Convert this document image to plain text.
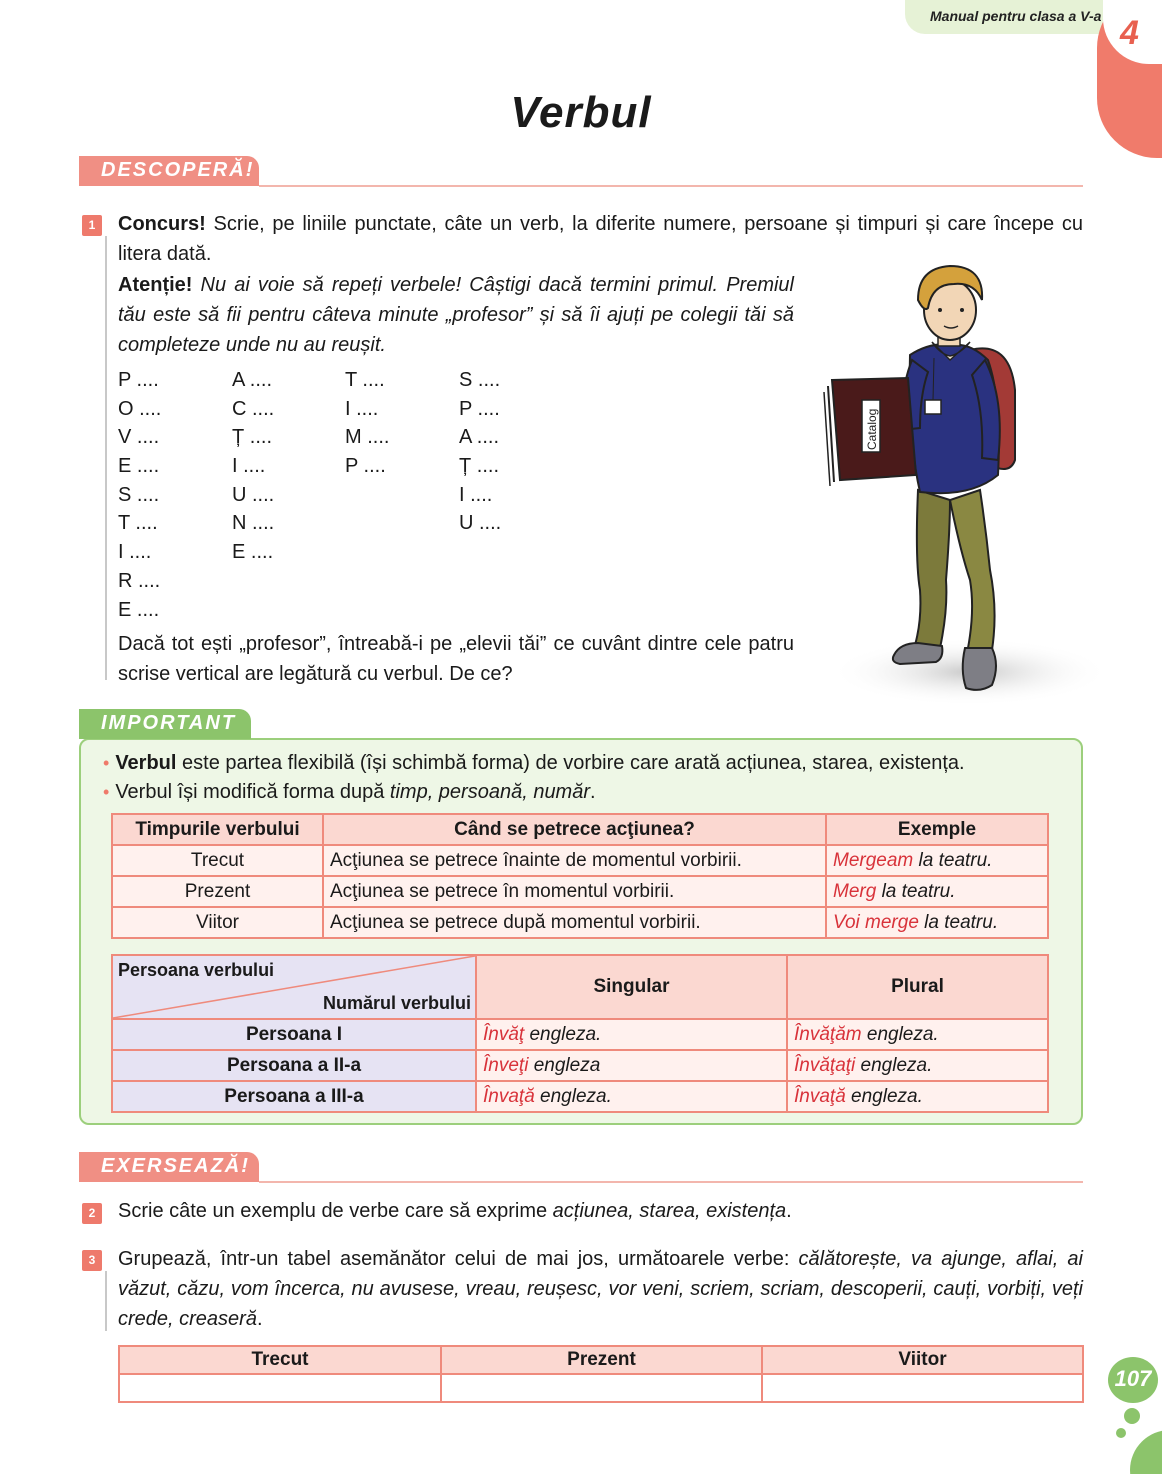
Manual pentru clasa a V-a 4
Verbul
DESCOPERĂ!
1	Concurs! Scrie, pe liniile punctate, câte un verb, la diferite numere, persoane și timpuri și care începe cu litera dată.
Atenție! Nu ai voie să repeți verbele! Câștigi dacă termini primul. Premiul tău este să fii pentru câteva minute „profesor” și să îi ajuți pe colegii tăi să completeze unde nu au reușit.
P ....
O ....
V ....
E ....
S ....
T ....
I ....
R ....
E ....
A ....
C ....
Ț ....
I ....
U ....
N ....
E ....
T ....
I ....
M ....
P ....
S ....
P ....
A ....
Ț ....
I ....
U ....
Dacă tot ești „profesor”, întreabă-i pe „elevii tăi” ce cuvânt dintre cele patru scrise vertical are legătură cu verbul. De ce?
Catalog
IMPORTANT
• Verbul este partea flexibilă (își schimbă forma) de vorbire care arată acțiunea, starea, existența.
• Verbul își modifică forma după timp, persoană, număr.
Timpurile verbului	Când se petrece acţiunea?	Exemple
Trecut	Acţiunea se petrece înainte de momentul vorbirii.	Mergeam la teatru.
Prezent	Acţiunea se petrece în momentul vorbirii.	Merg la teatru.
Viitor	Acţiunea se petrece după momentul vorbirii.	Voi merge la teatru.
Persoana verbului
Numărul verbului	Singular	Plural
Persoana I	Învăţ engleza.	Învăţăm engleza.
Persoana a II-a	Înveţi engleza	Învăţaţi engleza.
Persoana a III-a	Învaţă engleza.	Învaţă engleza.
EXERSEAZĂ!
2	Scrie câte un exemplu de verbe care să exprime acțiunea, starea, existența.
3	Grupează, într-un tabel asemănător celui de mai jos, următoarele verbe: călătorește, va ajunge, aflai, ai văzut, căzu, vom încerca, nu avusese, vreau, reușesc, vor veni, scriem, scriam, descoperii, cauți, vorbiți, veți crede, creaseră.
Trecut	Prezent	Viitor

107
